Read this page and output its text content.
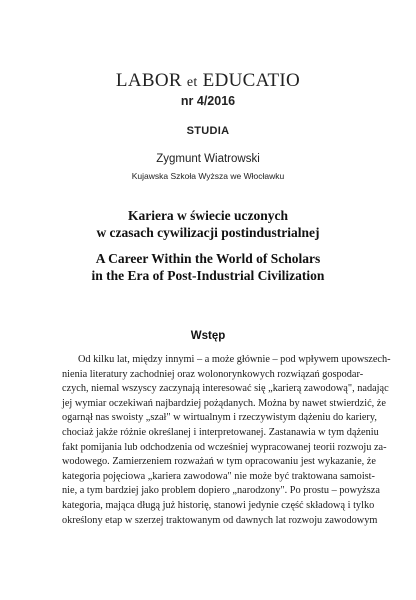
LABOR et EDUCATIO
nr 4/2016
STUDIA
Zygmunt Wiatrowski
Kujawska Szkoła Wyższa we Włocławku
Kariera w świecie uczonych
w czasach cywilizacji postindustrialnej
A Career Within the World of Scholars
in the Era of Post-Industrial Civilization
Wstęp
Od kilku lat, między innymi – a może głównie – pod wpływem upowszech-
nienia literatury zachodniej oraz wolonorynkowych rozwiązań gospodar-
czych, niemal wszyscy zaczynają interesować się „karierą zawodową", nadając
jej wymiar oczekiwań najbardziej pożądanych. Można by nawet stwierdzić, że
ogarnął nas swoisty „szał" w wirtualnym i rzeczywistym dążeniu do kariery,
chociaż jakże różnie określanej i interpretowanej. Zastanawia w tym dążeniu
fakt pomijania lub odchodzenia od wcześniej wypracowanej teorii rozwoju za-
wodowego. Zamierzeniem rozważań w tym opracowaniu jest wykazanie, że
kategoria pojęciowa „kariera zawodowa" nie może być traktowana samoist-
nie, a tym bardziej jako problem dopiero „narodzony". Po prostu – powyższa
kategoria, mająca długą już historię, stanowi jedynie część składową i tylko
określony etap w szerzej traktowanym od dawnych lat rozwoju zawodowym
